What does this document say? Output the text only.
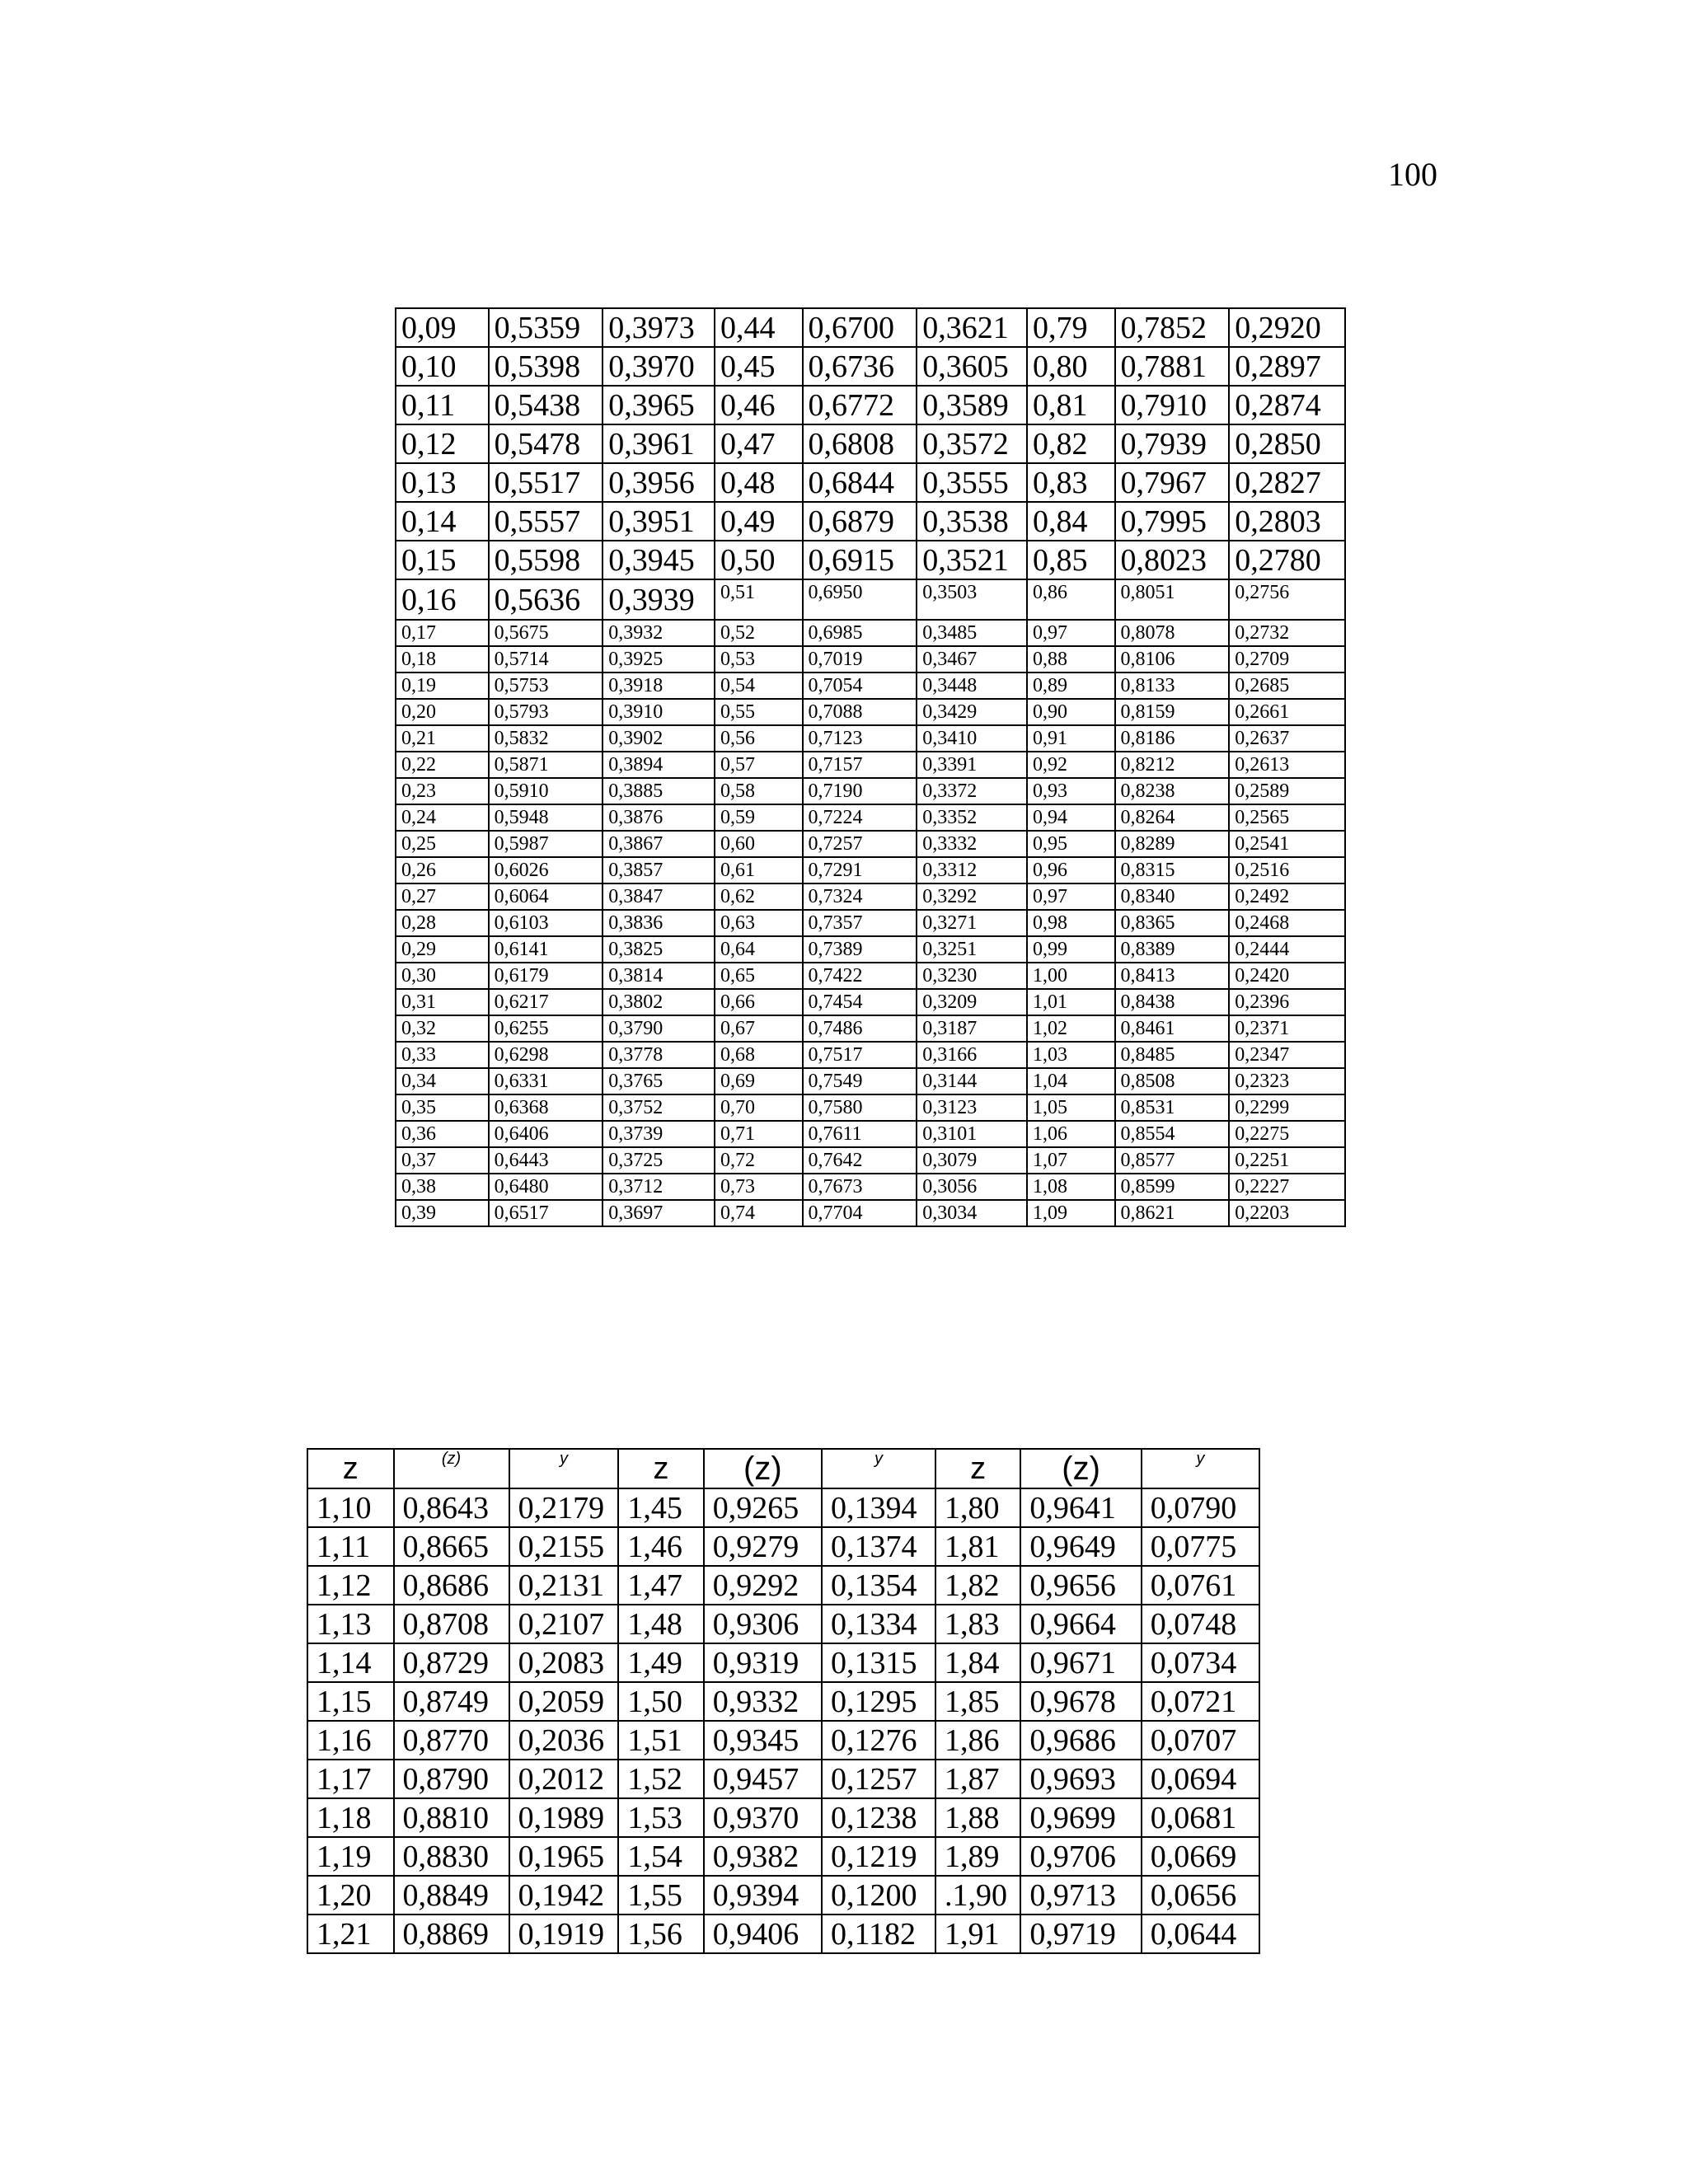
100
0,09	0,5359	0,3973	0,44	0,6700	0,3621	0,79	0,7852	0,2920
0,10	0,5398	0,3970	0,45	0,6736	0,3605	0,80	0,7881	0,2897
0,11	0,5438	0,3965	0,46	0,6772	0,3589	0,81	0,7910	0,2874
0,12	0,5478	0,3961	0,47	0,6808	0,3572	0,82	0,7939	0,2850
0,13	0,5517	0,3956	0,48	0,6844	0,3555	0,83	0,7967	0,2827
0,14	0,5557	0,3951	0,49	0,6879	0,3538	0,84	0,7995	0,2803
0,15	0,5598	0,3945	0,50	0,6915	0,3521	0,85	0,8023	0,2780
0,16	0,5636	0,3939	0,51	0,6950	0,3503	0,86	0,8051	0,2756
0,17	0,5675	0,3932	0,52	0,6985	0,3485	0,97	0,8078	0,2732
0,18	0,5714	0,3925	0,53	0,7019	0,3467	0,88	0,8106	0,2709
0,19	0,5753	0,3918	0,54	0,7054	0,3448	0,89	0,8133	0,2685
0,20	0,5793	0,3910	0,55	0,7088	0,3429	0,90	0,8159	0,2661
0,21	0,5832	0,3902	0,56	0,7123	0,3410	0,91	0,8186	0,2637
0,22	0,5871	0,3894	0,57	0,7157	0,3391	0,92	0,8212	0,2613
0,23	0,5910	0,3885	0,58	0,7190	0,3372	0,93	0,8238	0,2589
0,24	0,5948	0,3876	0,59	0,7224	0,3352	0,94	0,8264	0,2565
0,25	0,5987	0,3867	0,60	0,7257	0,3332	0,95	0,8289	0,2541
0,26	0,6026	0,3857	0,61	0,7291	0,3312	0,96	0,8315	0,2516
0,27	0,6064	0,3847	0,62	0,7324	0,3292	0,97	0,8340	0,2492
0,28	0,6103	0,3836	0,63	0,7357	0,3271	0,98	0,8365	0,2468
0,29	0,6141	0,3825	0,64	0,7389	0,3251	0,99	0,8389	0,2444
0,30	0,6179	0,3814	0,65	0,7422	0,3230	1,00	0,8413	0,2420
0,31	0,6217	0,3802	0,66	0,7454	0,3209	1,01	0,8438	0,2396
0,32	0,6255	0,3790	0,67	0,7486	0,3187	1,02	0,8461	0,2371
0,33	0,6298	0,3778	0,68	0,7517	0,3166	1,03	0,8485	0,2347
0,34	0,6331	0,3765	0,69	0,7549	0,3144	1,04	0,8508	0,2323
0,35	0,6368	0,3752	0,70	0,7580	0,3123	1,05	0,8531	0,2299
0,36	0,6406	0,3739	0,71	0,7611	0,3101	1,06	0,8554	0,2275
0,37	0,6443	0,3725	0,72	0,7642	0,3079	1,07	0,8577	0,2251
0,38	0,6480	0,3712	0,73	0,7673	0,3056	1,08	0,8599	0,2227
0,39	0,6517	0,3697	0,74	0,7704	0,3034	1,09	0,8621	0,2203
z	(z)	y	z	(z)	y	z	(z)	y
1,10	0,8643	0,2179	1,45	0,9265	0,1394	1,80	0,9641	0,0790
1,11	0,8665	0,2155	1,46	0,9279	0,1374	1,81	0,9649	0,0775
1,12	0,8686	0,2131	1,47	0,9292	0,1354	1,82	0,9656	0,0761
1,13	0,8708	0,2107	1,48	0,9306	0,1334	1,83	0,9664	0,0748
1,14	0,8729	0,2083	1,49	0,9319	0,1315	1,84	0,9671	0,0734
1,15	0,8749	0,2059	1,50	0,9332	0,1295	1,85	0,9678	0,0721
1,16	0,8770	0,2036	1,51	0,9345	0,1276	1,86	0,9686	0,0707
1,17	0,8790	0,2012	1,52	0,9457	0,1257	1,87	0,9693	0,0694
1,18	0,8810	0,1989	1,53	0,9370	0,1238	1,88	0,9699	0,0681
1,19	0,8830	0,1965	1,54	0,9382	0,1219	1,89	0,9706	0,0669
1,20	0,8849	0,1942	1,55	0,9394	0,1200	.1,90	0,9713	0,0656
1,21	0,8869	0,1919	1,56	0,9406	0,1182	1,91	0,9719	0,0644
